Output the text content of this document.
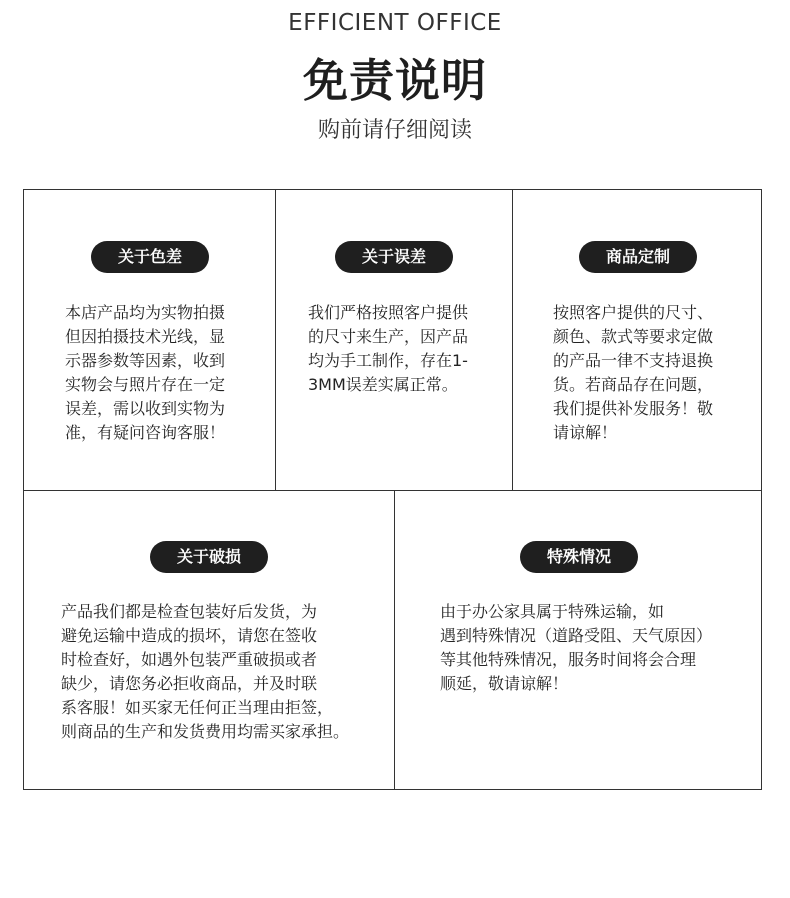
EFFICIENT OFFICE
免责说明
购前请仔细阅读
关于色差
本店产品均为实物拍摄
但因拍摄技术光线，显
示器参数等因素，收到
实物会与照片存在一定
误差，需以收到实物为
准，有疑问咨询客服！
关于误差
我们严格按照客户提供
的尺寸来生产，因产品
均为手工制作，存在1-
3MM误差实属正常。
商品定制
按照客户提供的尺寸、
颜色、款式等要求定做
的产品一律不支持退换
货。若商品存在问题，
我们提供补发服务！敬
请谅解！
关于破损
产品我们都是检查包装好后发货，为
避免运输中造成的损坏，请您在签收
时检查好，如遇外包装严重破损或者
缺少，请您务必拒收商品，并及时联
系客服！如买家无任何正当理由拒签，
则商品的生产和发货费用均需买家承担。
特殊情况
由于办公家具属于特殊运输，如
遇到特殊情况（道路受阻、天气原因）
等其他特殊情况，服务时间将会合理
顺延，敬请谅解！
